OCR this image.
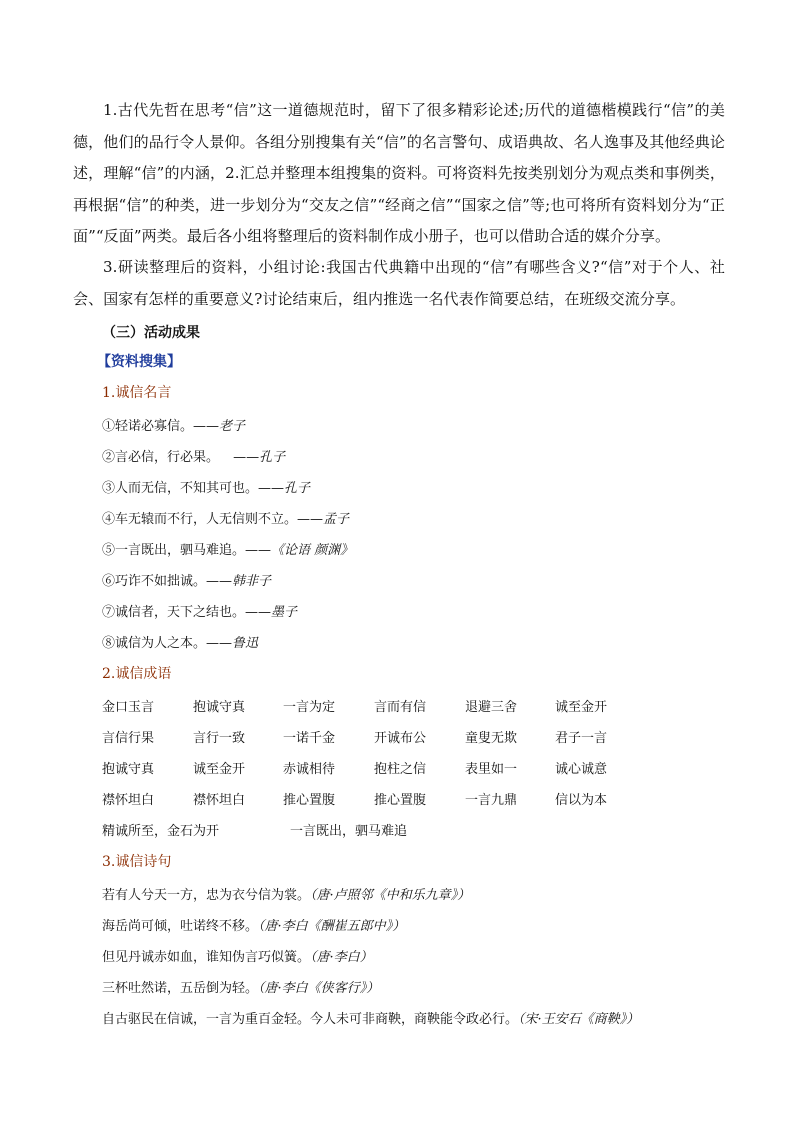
1.古代先哲在思考“信”这一道德规范时，留下了很多精彩论述;历代的道德楷模践行“信”的美德，他们的品行令人景仰。各组分别搜集有关“信”的名言警句、成语典故、名人逸事及其他经典论述，理解“信”的内涵，2.汇总并整理本组搜集的资料。可将资料先按类别划分为观点类和事例类，再根据“信”的种类，进一步划分为“交友之信”“经商之信”“国家之信”等;也可将所有资料划分为“正面”“反面”两类。最后各小组将整理后的资料制作成小册子，也可以借助合适的媒介分享。

3.研读整理后的资料，小组讨论:我国古代典籍中出现的“信”有哪些含义?“信”对于个人、社会、国家有怎样的重要意义?讨论结束后，组内推选一名代表作简要总结，在班级交流分享。

（三）活动成果
【资料搜集】
1.诚信名言
①轻诺必寡信。——老子
②言必信，行必果。 ——孔子
③人而无信，不知其可也。——孔子
④车无辕而不行，人无信则不立。——孟子
⑤一言既出，驷马难追。——《论语 颜渊》
⑥巧诈不如拙诚。——韩非子
⑦诚信者，天下之结也。——墨子
⑧诚信为人之本。——鲁迅
2.诚信成语
金口玉言	抱诚守真	一言为定	言而有信	退避三舍	诚至金开
言信行果	言行一致	一诺千金	开诚布公	童叟无欺	君子一言
抱诚守真	诚至金开	赤诚相待	抱柱之信	表里如一	诚心诚意
襟怀坦白	襟怀坦白	推心置腹	推心置腹	一言九鼎	信以为本
精诚所至，金石为开	一言既出，驷马难追
3.诚信诗句
若有人兮天一方，忠为衣兮信为裳。（唐·卢照邻《中和乐九章》）
海岳尚可倾，吐诺终不移。（唐·李白《酬崔五郎中》）
但见丹诚赤如血，谁知伪言巧似簧。（唐·李白）
三杯吐然诺，五岳倒为轻。（唐·李白《侠客行》）
自古驱民在信诚，一言为重百金轻。今人未可非商鞅，商鞅能令政必行。（宋·王安石《商鞅》）
